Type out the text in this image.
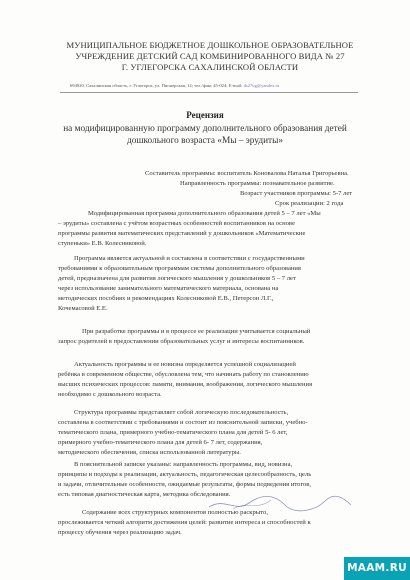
МУНИЦИПАЛЬНОЕ БЮДЖЕТНОЕ ДОШКОЛЬНОЕ ОБРАЗОВАТЕЛЬНОЕ
УЧРЕЖДЕНИЕ ДЕТСКИЙ САД КОМБИНИРОВАННОГО ВИДА № 27
Г. УГЛЕГОРСКА САХАЛИНСКОЙ ОБЛАСТИ
694920, Сахалинская область, г. Углегорск, ул. Пионерская, 12; тел./факс 45-024; E-mail: ds27ug@yandex.ru
Рецензия
на модифицированную программу дополнительного образования детей
дошкольного возраста «Мы – эрудиты»
Составитель программы: воспитатель Коновалова Наталья Григорьевна.
Направленность программы: познавательное развитие.
Возраст участников программы: 5-7 лет
Срок реализации: 2 года
Модифицированная программа дополнительного образования детей 5 – 7 лет «Мы
– эрудиты» составлена с учётом возрастных особенностей воспитанников на основе
программы развития математических представлений у дошкольников «Математические
ступеньки» Е.В. Колесниковой.
Программа является актуальной и составлена в соответствии с государственными
требованиями к образовательным программам системы дополнительного образования
детей, предназначена для развития логического мышления у дошкольников 5 – 7 лет
через использование занимательного математического материала, основана на
методических пособиях и рекомендациях Колесниковой Е.В., Петерсон Л.Г.,
Кочемасовой Е.Е.
При разработке программы и в процессе ее реализации учитывается социальный
запрос родителей в предоставлении образовательных услуг и интересы воспитанников.
Актуальность программы и ее новизна определяется успешной социализацией
ребёнка в современном обществе, обусловлена тем, что начинать работу по становлению
высших психических процессов: памяти, внимания, воображения, логического мышления
необходимо с дошкольного возраста.
Структура программы представляет собой логическую последовательность,
составлена в соответствии с требованиями и состоит из пояснительной записки, учебно-
тематического плана, примерного учебно-тематического плана для детей 5- 6 лет,
примерного учебно-тематического плана для детей 6- 7 лет, содержания,
методического обеспечения, списка использованной литературы.
В пояснительной записке указаны: направленность программы, вид, новизна,
принципы и подходы к реализации, актуальность, педагогическая целесообразность, цель
и задачи, отличительные особенности, ожидаемые результаты, формы подведения итогов,
есть типовая диагностическая карта, методика обследования.
Содержание всех структурных компонентов полностью раскрыто,
прослеживается четкий алгоритм достижения целей: развитие интереса и способностей к
процессу обучения через реализацию задач.
MAAM.RU
